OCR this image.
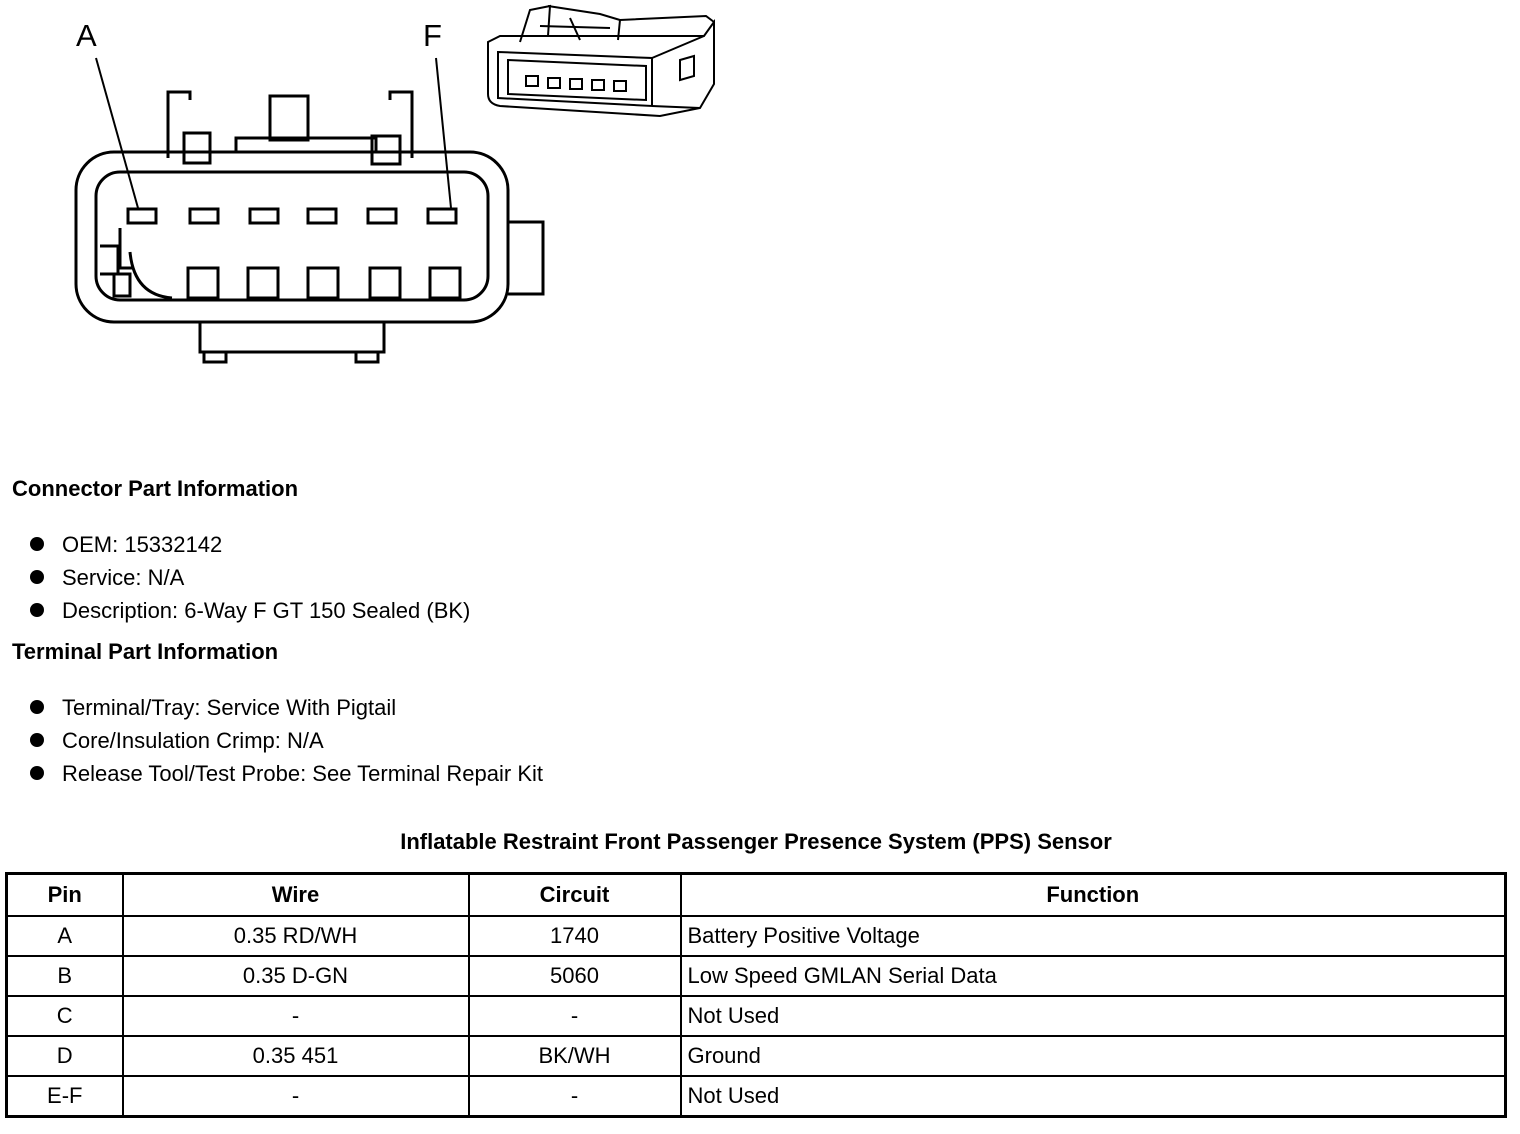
A	F
Connector Part Information
OEM: 15332142
Service: N/A
Description: 6-Way F GT 150 Sealed (BK)
Terminal Part Information
Terminal/Tray: Service With Pigtail
Core/Insulation Crimp: N/A
Release Tool/Test Probe: See Terminal Repair Kit
Inflatable Restraint Front Passenger Presence System (PPS) Sensor
Pin	Wire	Circuit	Function
A	0.35 RD/WH	1740	Battery Positive Voltage
B	0.35 D-GN	5060	Low Speed GMLAN Serial Data
C	-	-	Not Used
D	0.35 451	BK/WH	Ground
E-F	-	-	Not Used
